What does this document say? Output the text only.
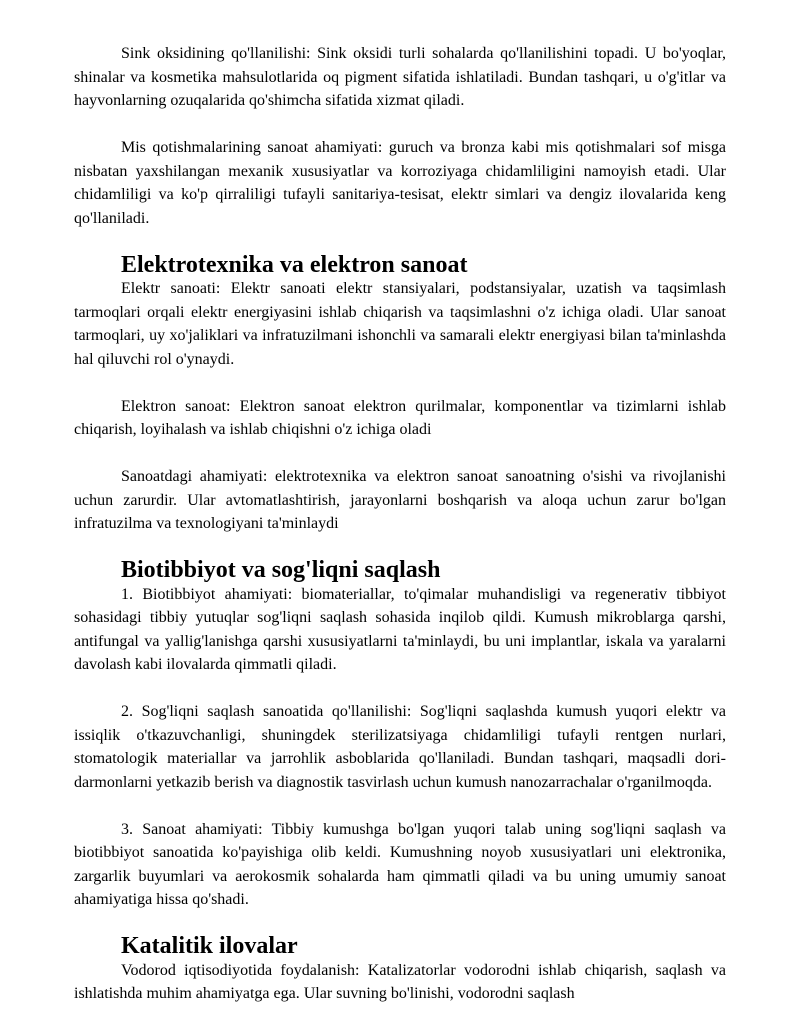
Sink oksidining qo'llanilishi: Sink oksidi turli sohalarda qo'llanilishini topadi. U bo'yoqlar, shinalar va kosmetika mahsulotlarida oq pigment sifatida ishlatiladi. Bundan tashqari, u o'g'itlar va hayvonlarning ozuqalarida qo'shimcha sifatida xizmat qiladi.

Mis qotishmalarining sanoat ahamiyati: guruch va bronza kabi mis qotishmalari sof misga nisbatan yaxshilangan mexanik xususiyatlar va korroziyaga chidamliligini namoyish etadi. Ular chidamliligi va ko'p qirraliligi tufayli sanitariya-tesisat, elektr simlari va dengiz ilovalarida keng qo'llaniladi.

Elektrotexnika va elektron sanoat

Elektr sanoati: Elektr sanoati elektr stansiyalari, podstansiyalar, uzatish va taqsimlash tarmoqlari orqali elektr energiyasini ishlab chiqarish va taqsimlashni o'z ichiga oladi. Ular sanoat tarmoqlari, uy xo'jaliklari va infratuzilmani ishonchli va samarali elektr energiyasi bilan ta'minlashda hal qiluvchi rol o'ynaydi.

Elektron sanoat: Elektron sanoat elektron qurilmalar, komponentlar va tizimlarni ishlab chiqarish, loyihalash va ishlab chiqishni o'z ichiga oladi

Sanoatdagi ahamiyati: elektrotexnika va elektron sanoat sanoatning o'sishi va rivojlanishi uchun zarurdir. Ular avtomatlashtirish, jarayonlarni boshqarish va aloqa uchun zarur bo'lgan infratuzilma va texnologiyani ta'minlaydi

Biotibbiyot va sog'liqni saqlash

1. Biotibbiyot ahamiyati: biomateriallar, to'qimalar muhandisligi va regenerativ tibbiyot sohasidagi tibbiy yutuqlar sog'liqni saqlash sohasida inqilob qildi. Kumush mikroblarga qarshi, antifungal va yallig'lanishga qarshi xususiyatlarni ta'minlaydi, bu uni implantlar, iskala va yaralarni davolash kabi ilovalarda qimmatli qiladi.

2. Sog'liqni saqlash sanoatida qo'llanilishi: Sog'liqni saqlashda kumush yuqori elektr va issiqlik o'tkazuvchanligi, shuningdek sterilizatsiyaga chidamliligi tufayli rentgen nurlari, stomatologik materiallar va jarrohlik asboblarida qo'llaniladi. Bundan tashqari, maqsadli dori-darmonlarni yetkazib berish va diagnostik tasvirlash uchun kumush nanozarrachalar o'rganilmoqda.

3. Sanoat ahamiyati: Tibbiy kumushga bo'lgan yuqori talab uning sog'liqni saqlash va biotibbiyot sanoatida ko'payishiga olib keldi. Kumushning noyob xususiyatlari uni elektronika, zargarlik buyumlari va aerokosmik sohalarda ham qimmatli qiladi va bu uning umumiy sanoat ahamiyatiga hissa qo'shadi.

Katalitik ilovalar

Vodorod iqtisodiyotida foydalanish: Katalizatorlar vodorodni ishlab chiqarish, saqlash va ishlatishda muhim ahamiyatga ega. Ular suvning bo'linishi, vodorodni saqlash
